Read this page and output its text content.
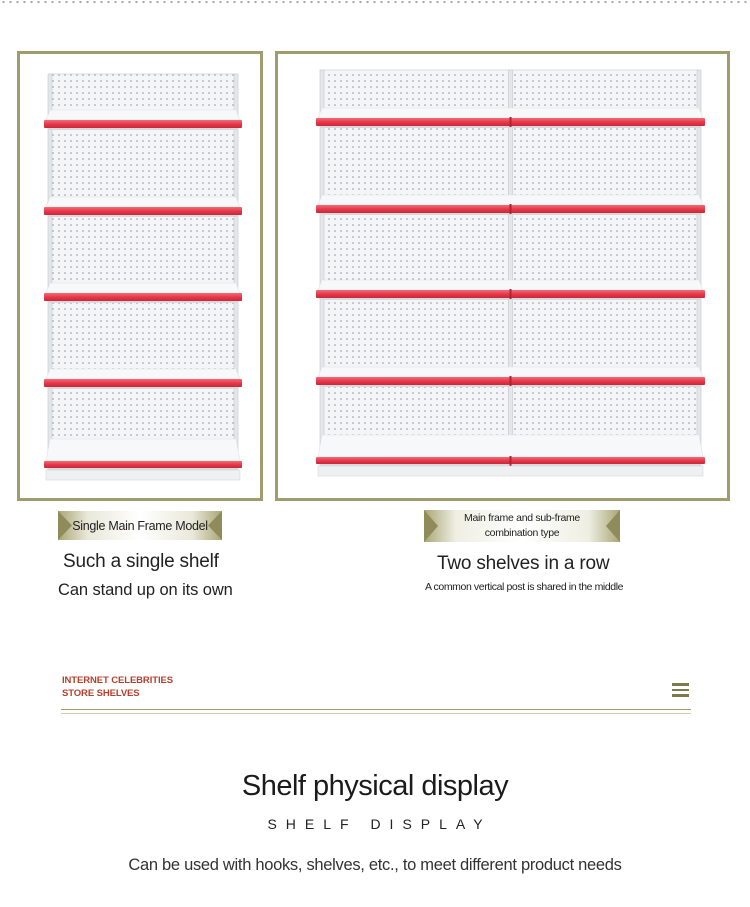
Single Main Frame Model
Such a single shelf
Can stand up on its own
Main frame and sub-frame
combination type
Two shelves in a row
A common vertical post is shared in the middle
INTERNET CELEBRITIES
STORE SHELVES
Shelf physical display
SHELF DISPLAY
Can be used with hooks, shelves, etc., to meet different product needs
